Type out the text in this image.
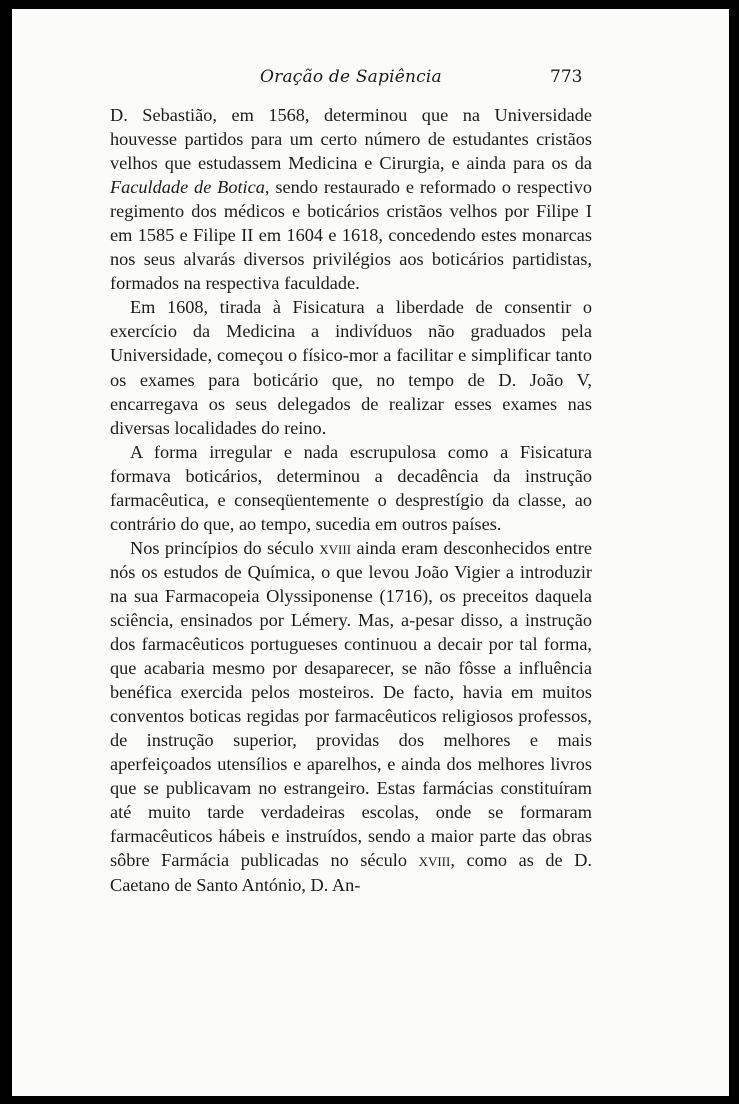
Oração de Sapiência	773

D. Sebastião, em 1568, determinou que na Universidade houvesse partidos para um certo número de estudantes cristãos velhos que estudassem Medicina e Cirurgia, e ainda para os da Faculdade de Botica, sendo restaurado e reformado o respectivo regimento dos médicos e boticários cristãos velhos por Filipe I em 1585 e Filipe II em 1604 e 1618, concedendo estes monarcas nos seus alvarás diversos privilégios aos boticários partidistas, formados na respectiva faculdade.

Em 1608, tirada à Fisicatura a liberdade de consentir o exercício da Medicina a indivíduos não graduados pela Universidade, começou o físico-mor a facilitar e simplificar tanto os exames para boticário que, no tempo de D. João V, encarregava os seus delegados de realizar esses exames nas diversas localidades do reino.

A forma irregular e nada escrupulosa como a Fisicatura formava boticários, determinou a decadência da instrução farmacêutica, e conseqüentemente o desprestígio da classe, ao contrário do que, ao tempo, sucedia em outros países.

Nos princípios do século xviii ainda eram desconhecidos entre nós os estudos de Química, o que levou João Vigier a introduzir na sua Farmacopeia Olyssiponense (1716), os preceitos daquela sciência, ensinados por Lémery. Mas, a-pesar disso, a instrução dos farmacêuticos portugueses continuou a decair por tal forma, que acabaria mesmo por desaparecer, se não fôsse a influência benéfica exercida pelos mosteiros. De facto, havia em muitos conventos boticas regidas por farmacêuticos religiosos professos, de instrução superior, providas dos melhores e mais aperfeiçoados utensílios e aparelhos, e ainda dos melhores livros que se publicavam no estrangeiro. Estas farmácias constituíram até muito tarde verdadeiras escolas, onde se formaram farmacêuticos hábeis e instruídos, sendo a maior parte das obras sôbre Farmácia publicadas no século xviii, como as de D. Caetano de Santo António, D. An-
